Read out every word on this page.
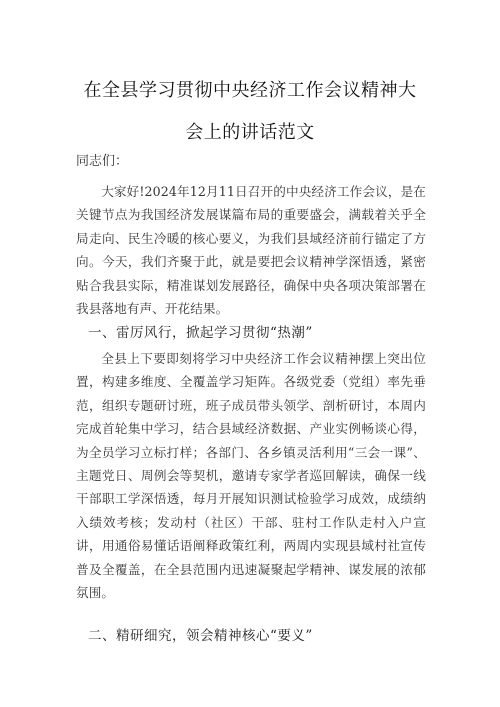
在全县学习贯彻中央经济工作会议精神大
会上的讲话范文
同志们：
大家好!2024年12月11日召开的中央经济工作会议，是在关键节点为我国经济发展谋篇布局的重要盛会，满载着关乎全局走向、民生冷暖的核心要义，为我们县域经济前行锚定了方向。今天，我们齐聚于此，就是要把会议精神学深悟透，紧密贴合我县实际，精准谋划发展路径，确保中央各项决策部署在我县落地有声、开花结果。
一、雷厉风行，掀起学习贯彻“热潮”
全县上下要即刻将学习中央经济工作会议精神摆上突出位置，构建多维度、全覆盖学习矩阵。各级党委（党组）率先垂范，组织专题研讨班，班子成员带头领学、剖析研讨，本周内完成首轮集中学习，结合县域经济数据、产业实例畅谈心得，为全员学习立标打样；各部门、各乡镇灵活利用“三会一课”、主题党日、周例会等契机，邀请专家学者巡回解读，确保一线干部职工学深悟透，每月开展知识测试检验学习成效，成绩纳入绩效考核；发动村（社区）干部、驻村工作队走村入户宣讲，用通俗易懂话语阐释政策红利，两周内实现县域村社宣传普及全覆盖，在全县范围内迅速凝聚起学精神、谋发展的浓郁氛围。
二、精研细究，领会精神核心“要义”
